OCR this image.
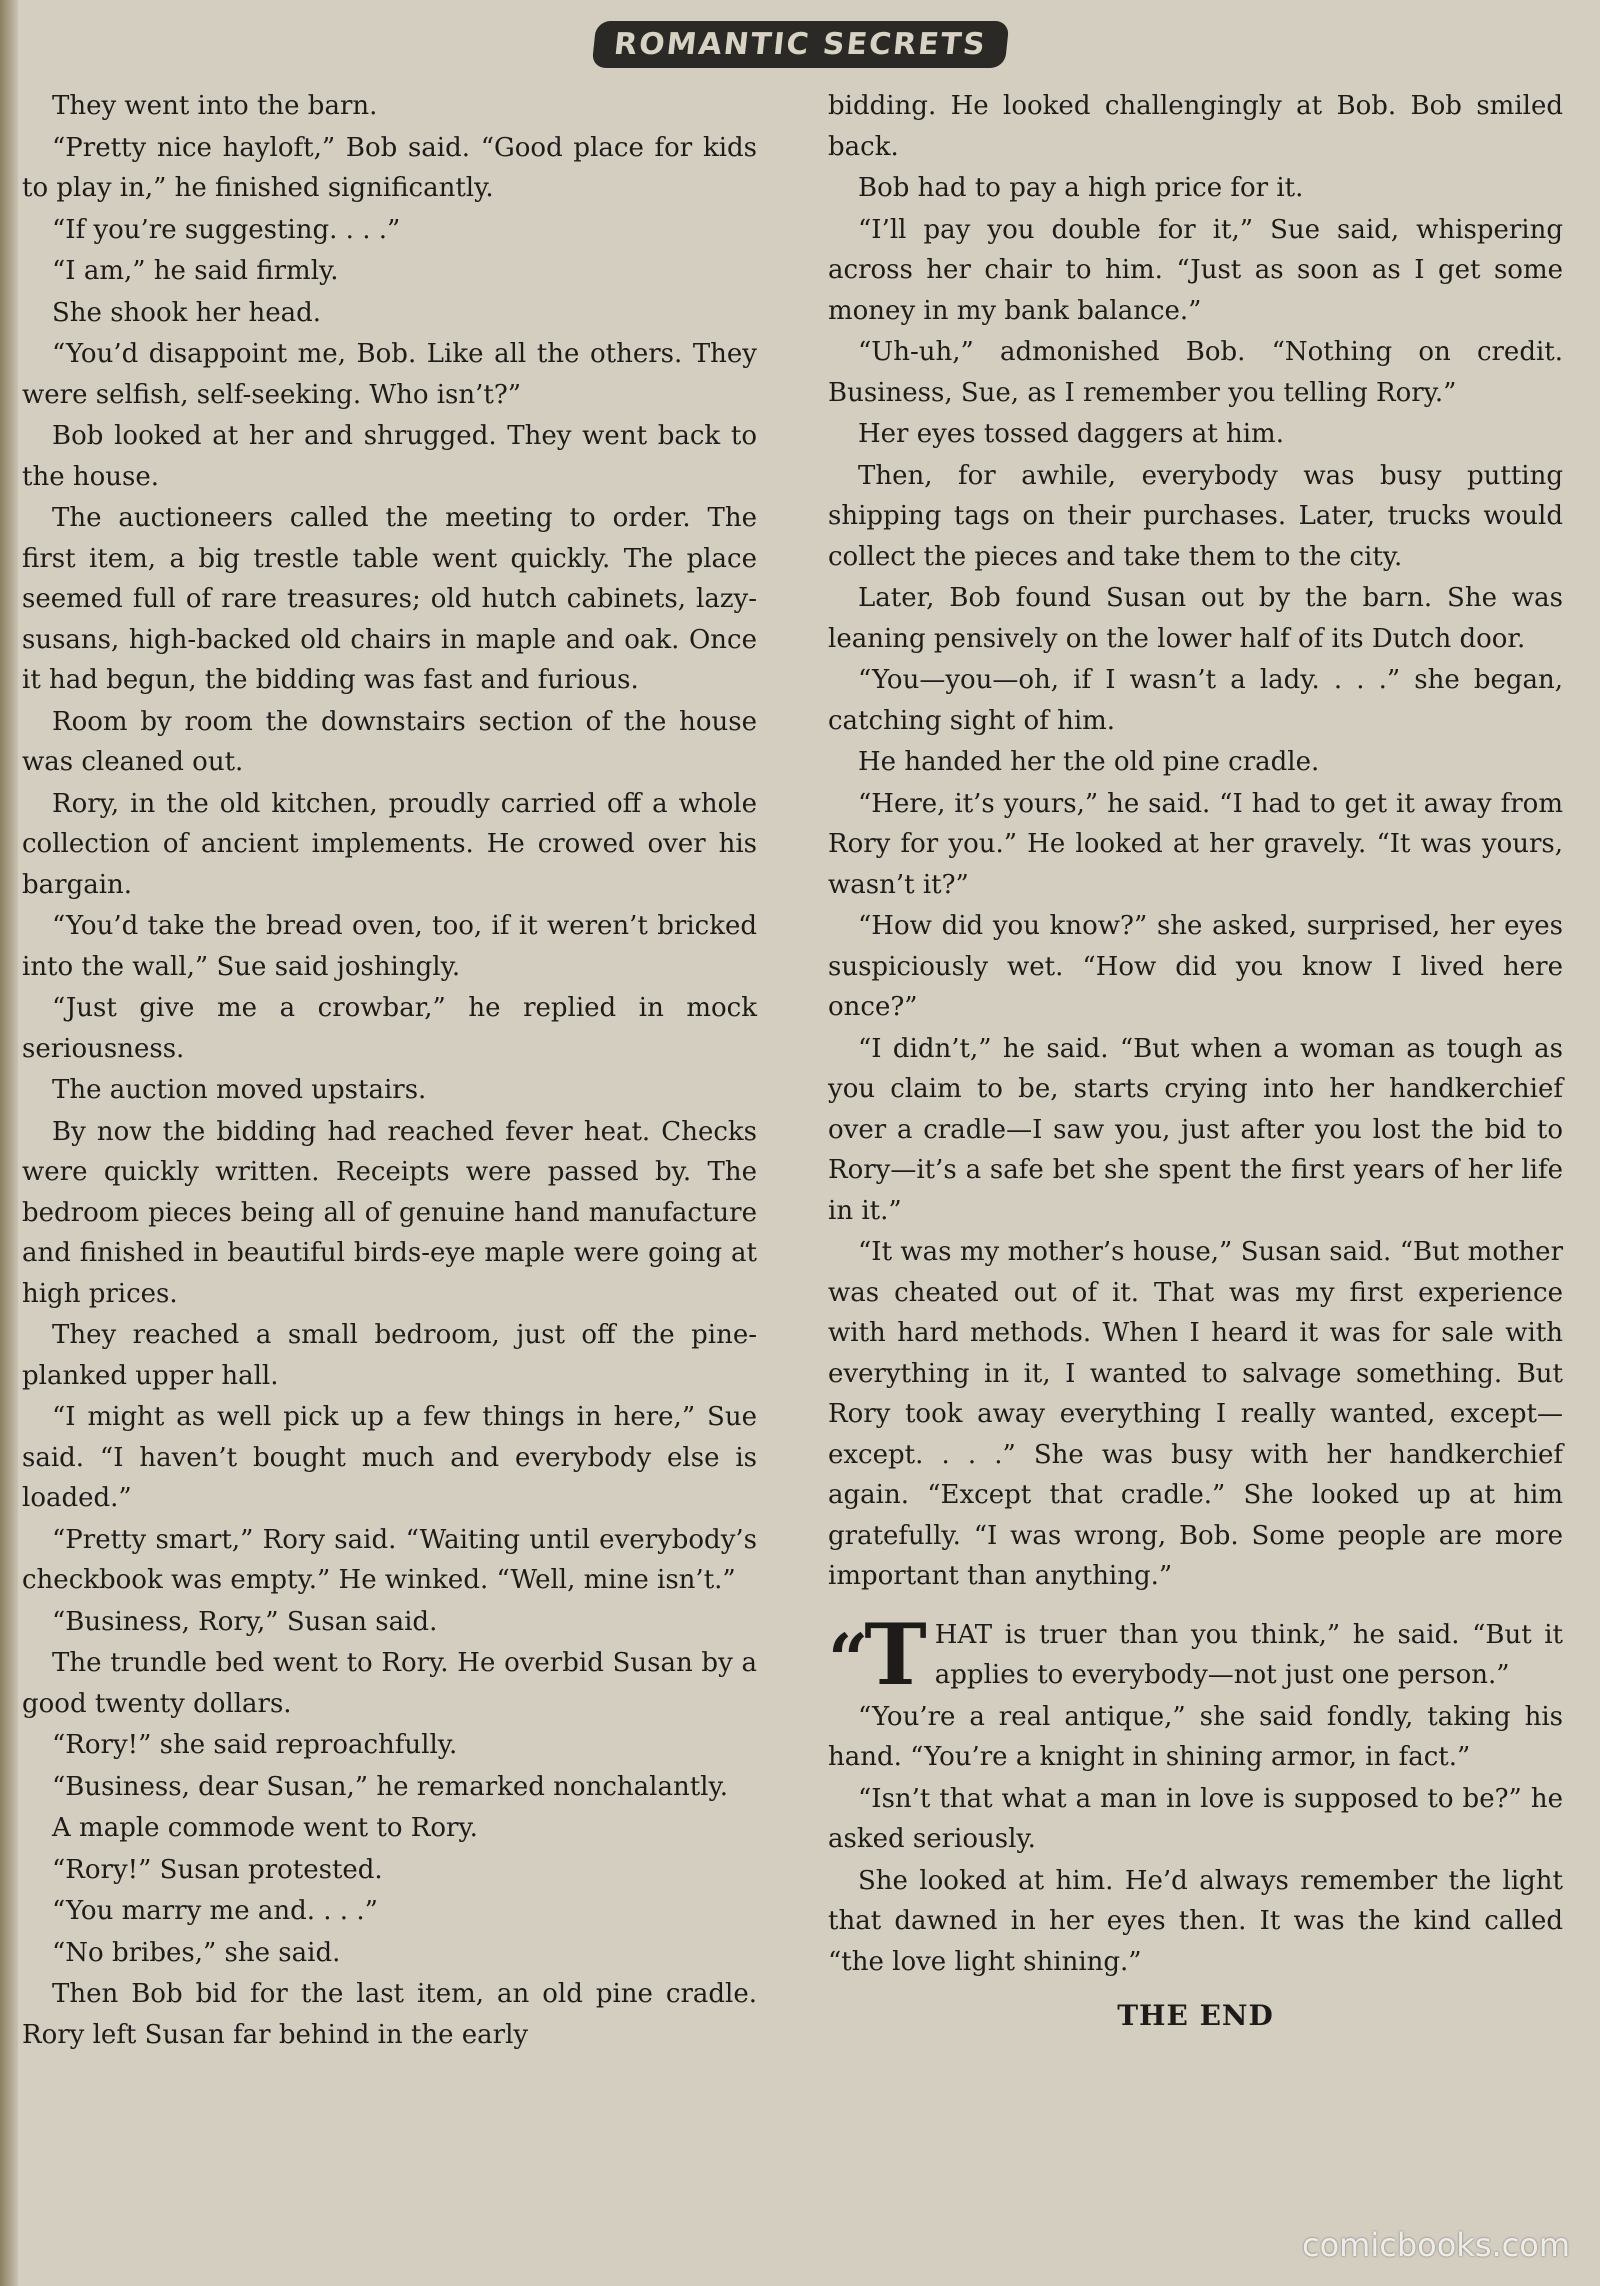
ROMANTIC SECRETS

They went into the barn.

“Pretty nice hayloft,” Bob said. “Good place for kids to play in,” he finished significantly.

“If you’re suggesting. . . .”

“I am,” he said firmly.

She shook her head.

“You’d disappoint me, Bob. Like all the others. They were selfish, self-seeking. Who isn’t?”

Bob looked at her and shrugged. They went back to the house.

The auctioneers called the meeting to order. The first item, a big trestle table went quickly. The place seemed full of rare treasures; old hutch cabinets, lazy-susans, high-backed old chairs in maple and oak. Once it had begun, the bidding was fast and furious.

Room by room the downstairs section of the house was cleaned out.

Rory, in the old kitchen, proudly carried off a whole collection of ancient implements. He crowed over his bargain.

“You’d take the bread oven, too, if it weren’t bricked into the wall,” Sue said joshingly.

“Just give me a crowbar,” he replied in mock seriousness.

The auction moved upstairs.

By now the bidding had reached fever heat. Checks were quickly written. Receipts were passed by. The bedroom pieces being all of genuine hand manufacture and finished in beautiful birds-eye maple were going at high prices.

They reached a small bedroom, just off the pine-planked upper hall.

“I might as well pick up a few things in here,” Sue said. “I haven’t bought much and everybody else is loaded.”

“Pretty smart,” Rory said. “Waiting until everybody’s checkbook was empty.” He winked. “Well, mine isn’t.”

“Business, Rory,” Susan said.

The trundle bed went to Rory. He overbid Susan by a good twenty dollars.

“Rory!” she said reproachfully.

“Business, dear Susan,” he remarked nonchalantly.

A maple commode went to Rory.

“Rory!” Susan protested.

“You marry me and. . . .”

“No bribes,” she said.

Then Bob bid for the last item, an old pine cradle. Rory left Susan far behind in the early

bidding. He looked challengingly at Bob. Bob smiled back.

Bob had to pay a high price for it.

“I’ll pay you double for it,” Sue said, whispering across her chair to him. “Just as soon as I get some money in my bank balance.”

“Uh-uh,” admonished Bob. “Nothing on credit. Business, Sue, as I remember you telling Rory.”

Her eyes tossed daggers at him.

Then, for awhile, everybody was busy putting shipping tags on their purchases. Later, trucks would collect the pieces and take them to the city.

Later, Bob found Susan out by the barn. She was leaning pensively on the lower half of its Dutch door.

“You—you—oh, if I wasn’t a lady. . . .” she began, catching sight of him.

He handed her the old pine cradle.

“Here, it’s yours,” he said. “I had to get it away from Rory for you.” He looked at her gravely. “It was yours, wasn’t it?”

“How did you know?” she asked, surprised, her eyes suspiciously wet. “How did you know I lived here once?”

“I didn’t,” he said. “But when a woman as tough as you claim to be, starts crying into her handkerchief over a cradle—I saw you, just after you lost the bid to Rory—it’s a safe bet she spent the first years of her life in it.”

“It was my mother’s house,” Susan said. “But mother was cheated out of it. That was my first experience with hard methods. When I heard it was for sale with everything in it, I wanted to salvage something. But Rory took away everything I really wanted, except—except. . . .” She was busy with her handkerchief again. “Except that cradle.” She looked up at him gratefully. “I was wrong, Bob. Some people are more important than anything.”

“T HAT is truer than you think,” he said. “But it applies to everybody—not just one person.”

“You’re a real antique,” she said fondly, taking his hand. “You’re a knight in shining armor, in fact.”

“Isn’t that what a man in love is supposed to be?” he asked seriously.

She looked at him. He’d always remember the light that dawned in her eyes then. It was the kind called “the love light shining.”

THE END
comicbooks.com
